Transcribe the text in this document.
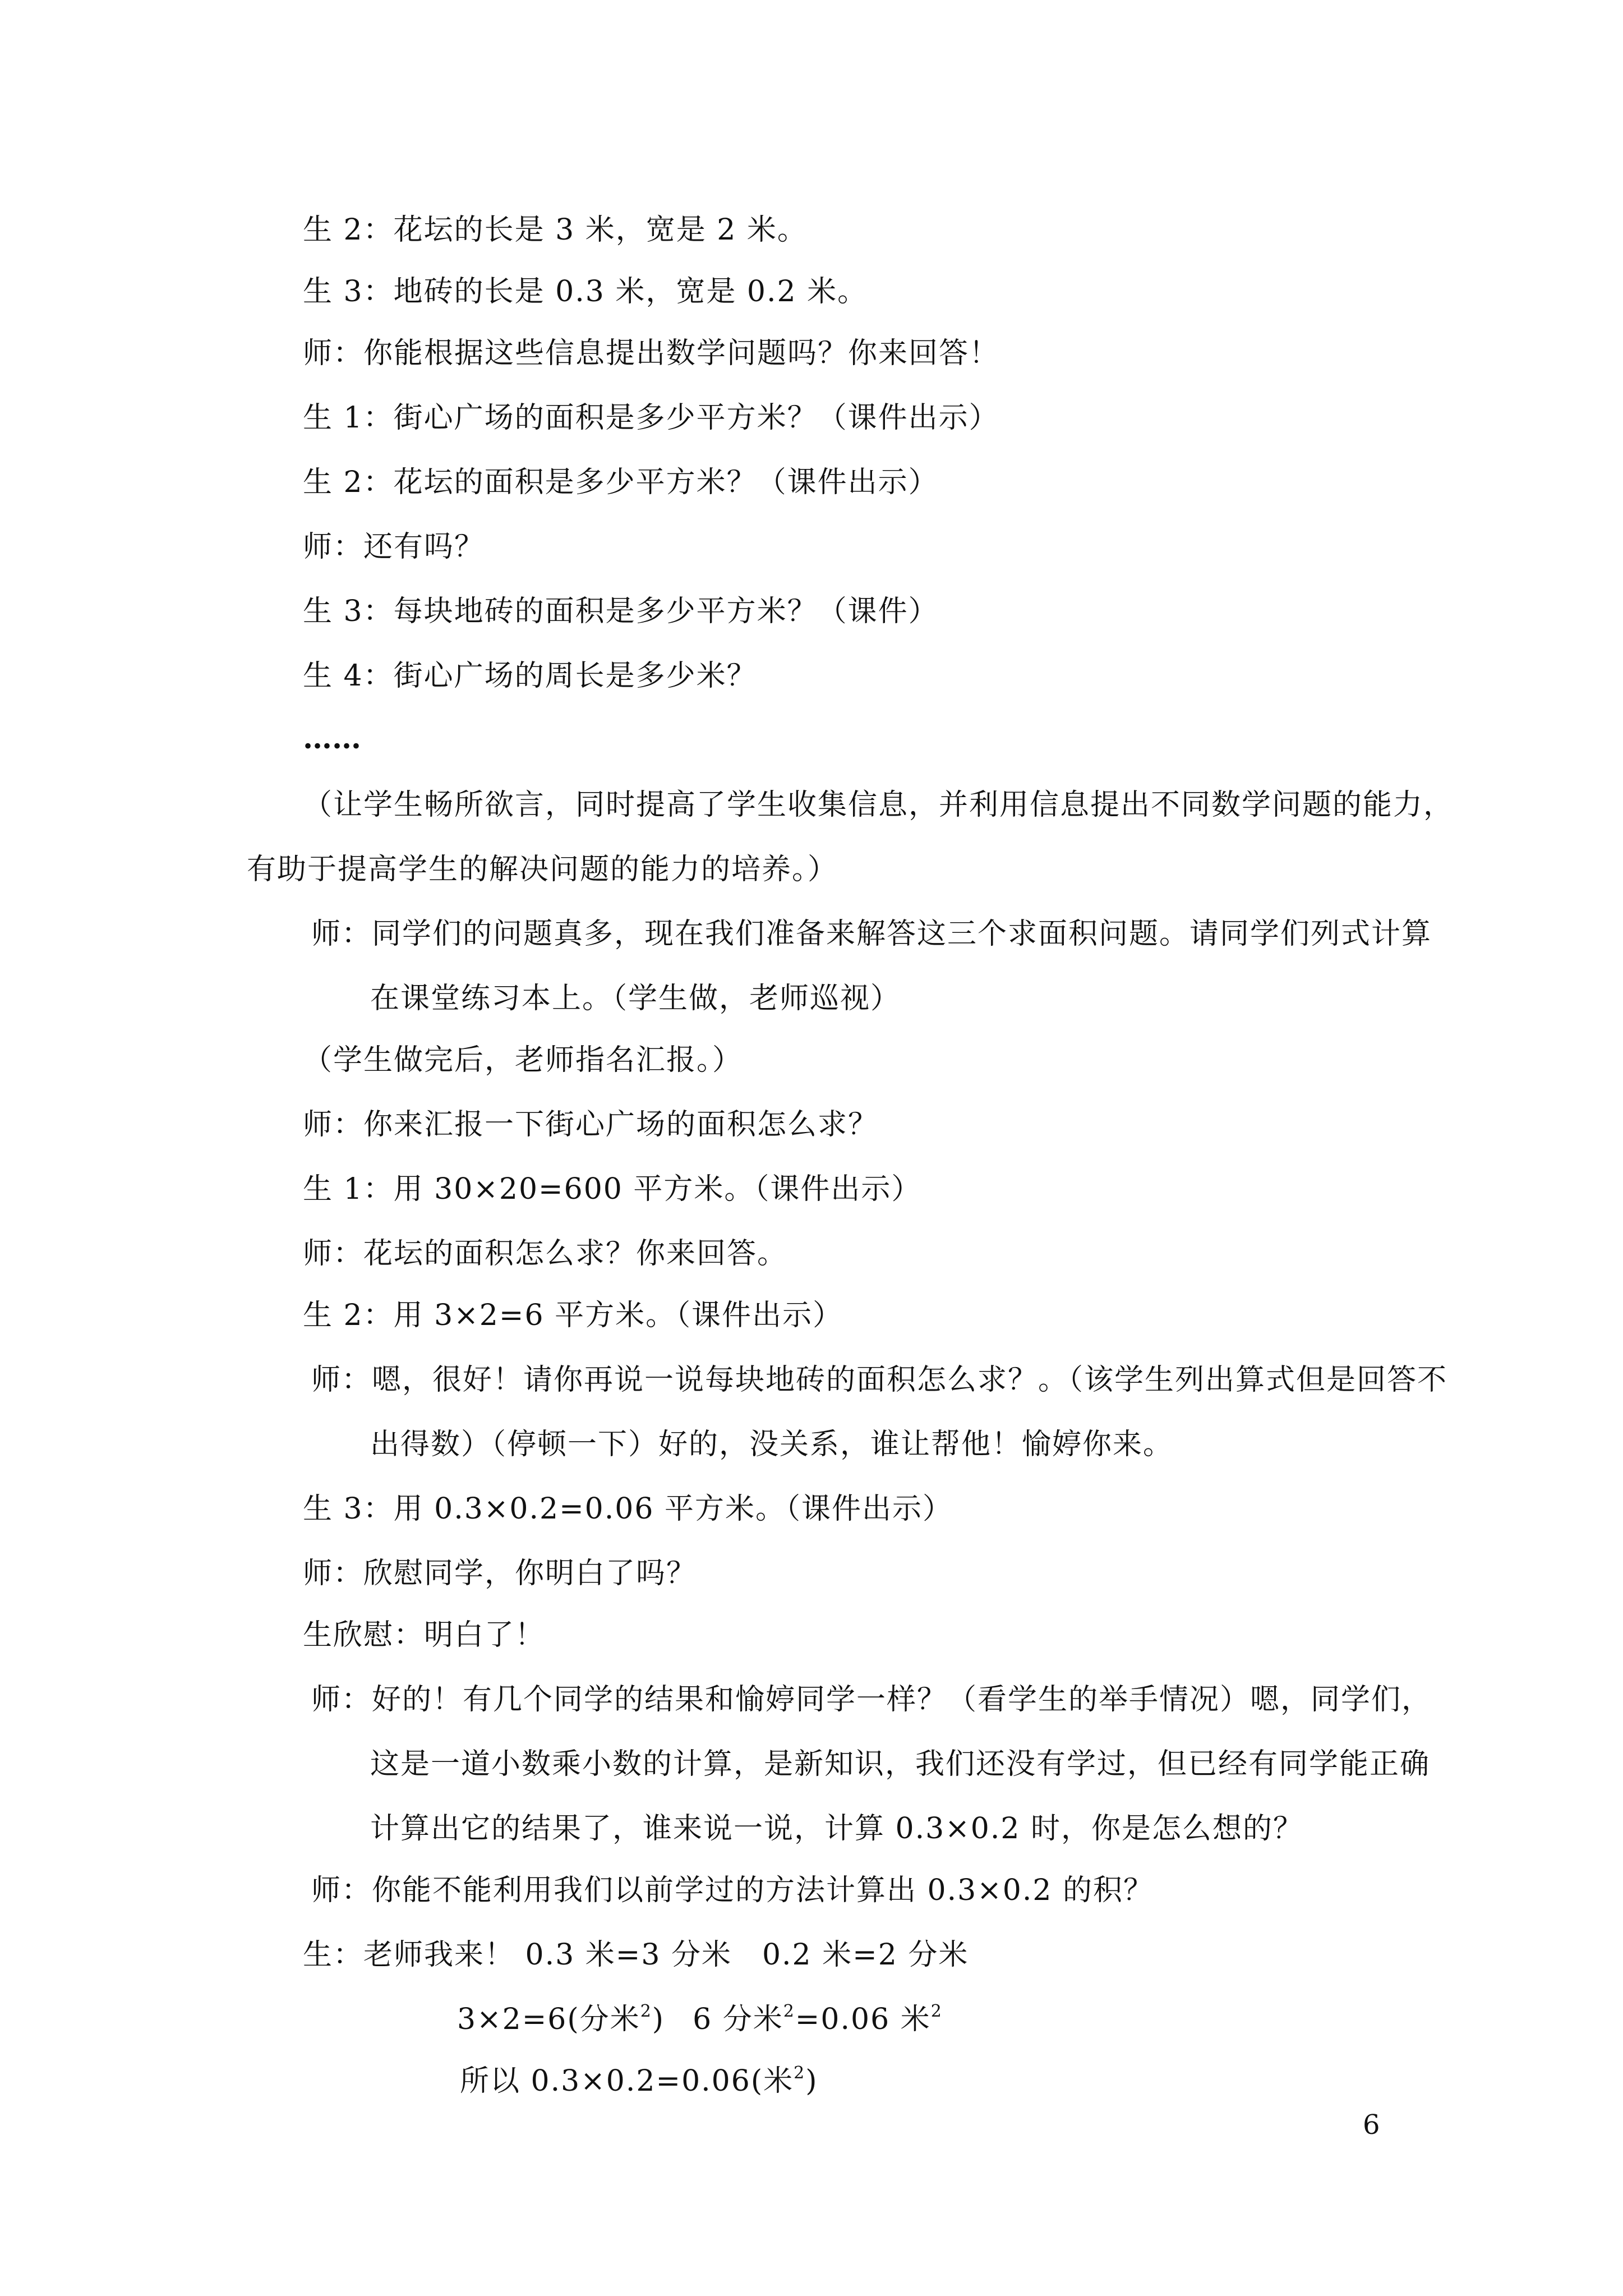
生 2：花坛的长是 3 米，宽是 2 米。
生 3：地砖的长是 0.3 米，宽是 0.2 米。
师：你能根据这些信息提出数学问题吗？你来回答！
生 1：街心广场的面积是多少平方米？（课件出示）
生 2：花坛的面积是多少平方米？（课件出示）
师：还有吗？
生 3：每块地砖的面积是多少平方米？（课件）
生 4：街心广场的周长是多少米？
……
（让学生畅所欲言，同时提高了学生收集信息，并利用信息提出不同数学问题的能力，
有助于提高学生的解决问题的能力的培养。）
师：同学们的问题真多，现在我们准备来解答这三个求面积问题。请同学们列式计算
在课堂练习本上。（学生做，老师巡视）
（学生做完后，老师指名汇报。）
师：你来汇报一下街心广场的面积怎么求？
生 1：用 30×20=600 平方米。（课件出示）
师：花坛的面积怎么求？你来回答。
生 2：用 3×2=6 平方米。（课件出示）
师：嗯，很好！请你再说一说每块地砖的面积怎么求？。（该学生列出算式但是回答不
出得数）（停顿一下）好的，没关系，谁让帮他！愉婷你来。
生 3：用 0.3×0.2=0.06 平方米。（课件出示）
师：欣慰同学，你明白了吗？
生欣慰：明白了！
师：好的！有几个同学的结果和愉婷同学一样？（看学生的举手情况）嗯，同学们，
这是一道小数乘小数的计算，是新知识，我们还没有学过，但已经有同学能正确
计算出它的结果了，谁来说一说，计算 0.3×0.2 时，你是怎么想的？
师：你能不能利用我们以前学过的方法计算出 0.3×0.2 的积？
生：老师我来！ 0.3 米=3 分米　0.2 米=2 分米
3×2=6(分米$^2$) 6 分米$^2$=0.06 米$^2$
所以 0.3×0.2=0.06(米$^2$)
6
